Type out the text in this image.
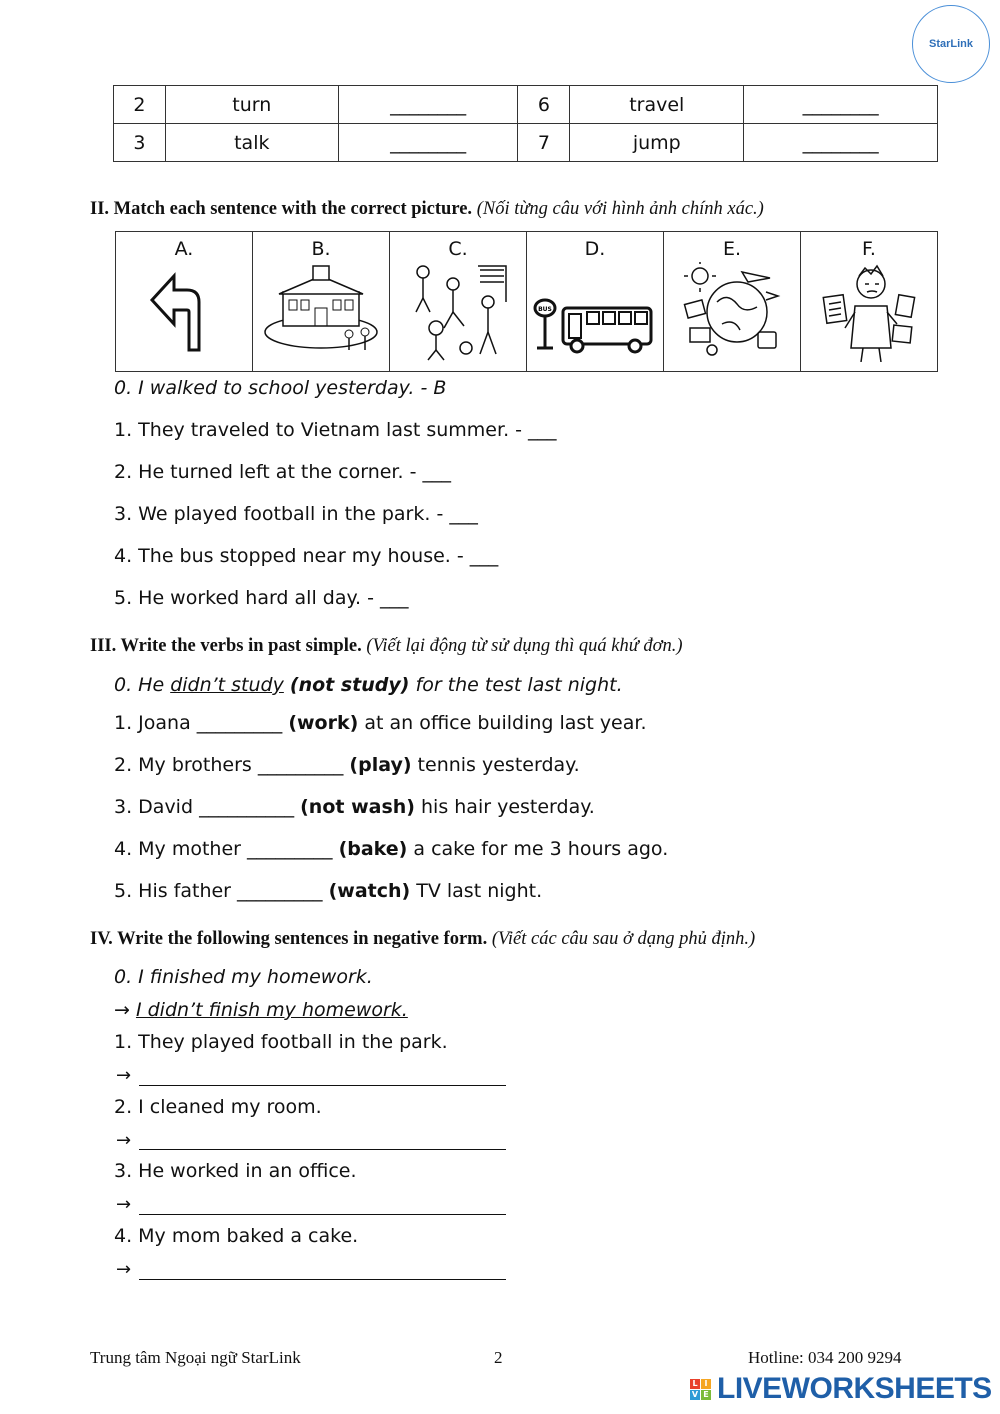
StarLink
2	turn	________	6	travel	________
3	talk	________	7	jump	________
II. Match each sentence with the correct picture. (Nối từng câu với hình ảnh chính xác.)
A.	B.	C.	D.
BUS

E.	F.
0. I walked to school yesterday. - B
1. They traveled to Vietnam last summer. - ___
2. He turned left at the corner. - ___
3. We played football in the park. - ___
4. The bus stopped near my house. - ___
5. He worked hard all day. - ___
III. Write the verbs in past simple. (Viết lại động từ sử dụng thì quá khứ đơn.)
0. He didn’t study (not study) for the test last night.
1. Joana _________ (work) at an office building last year.
2. My brothers _________ (play) tennis yesterday.
3. David __________ (not wash) his hair yesterday.
4. My mother _________ (bake) a cake for me 3 hours ago.
5. His father _________ (watch) TV last night.
IV. Write the following sentences in negative form. (Viết các câu sau ở dạng phủ định.)
0. I finished my homework.
→ I didn’t finish my homework.
1. They played football in the park.
→
2. I cleaned my room.
→
3. He worked in an office.
→
4. My mom baked a cake.
→
Trung tâm Ngoại ngữ StarLink	2	Hotline: 034 200 9294
L I
V E LIVEWORKSHEETS
